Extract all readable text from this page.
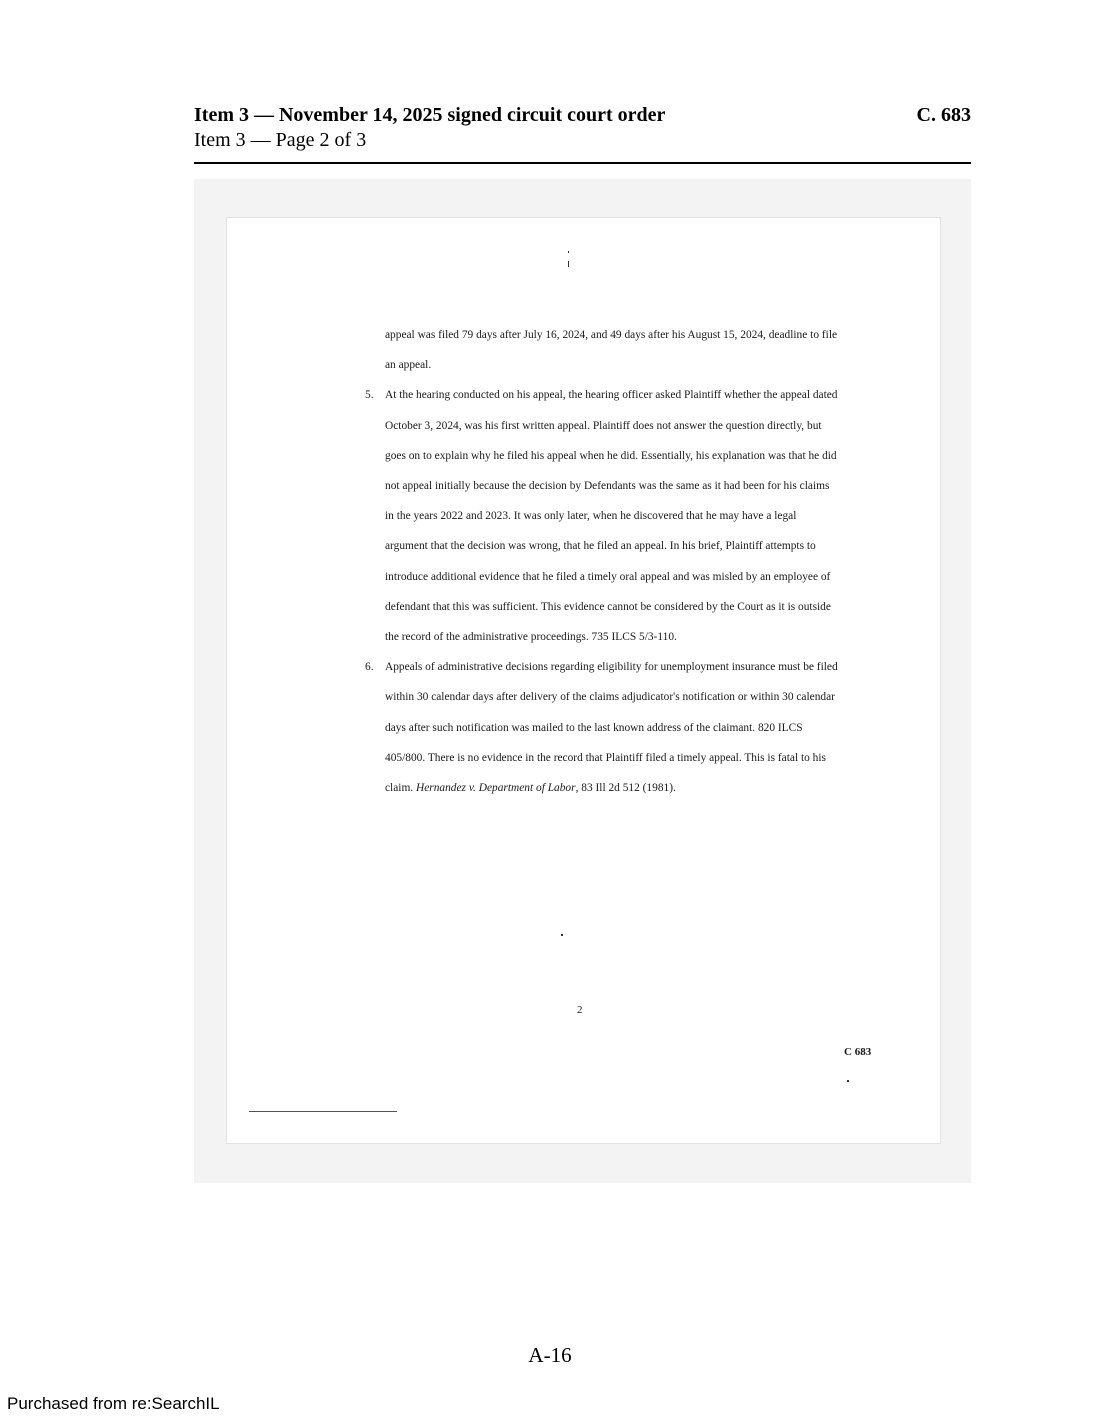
Item 3 — November 14, 2025 signed circuit court order	C. 683
Item 3 — Page 2 of 3

appeal was filed 79 days after July 16, 2024, and 49 days after his August 15, 2024, deadline to file an appeal.

5.	At the hearing conducted on his appeal, the hearing officer asked Plaintiff whether the appeal dated October 3, 2024, was his first written appeal. Plaintiff does not answer the question directly, but goes on to explain why he filed his appeal when he did. Essentially, his explanation was that he did not appeal initially because the decision by Defendants was the same as it had been for his claims in the years 2022 and 2023. It was only later, when he discovered that he may have a legal argument that the decision was wrong, that he filed an appeal. In his brief, Plaintiff attempts to introduce additional evidence that he filed a timely oral appeal and was misled by an employee of defendant that this was sufficient. This evidence cannot be considered by the Court as it is outside the record of the administrative proceedings. 735 ILCS 5/3-110.
6.	Appeals of administrative decisions regarding eligibility for unemployment insurance must be filed within 30 calendar days after delivery of the claims adjudicator's notification or within 30 calendar days after such notification was mailed to the last known address of the claimant. 820 ILCS 405/800. There is no evidence in the record that Plaintiff filed a timely appeal. This is fatal to his claim. Hernandez v. Department of Labor, 83 Ill 2d 512 (1981).
2
C 683
A-16
Purchased from re:SearchIL
